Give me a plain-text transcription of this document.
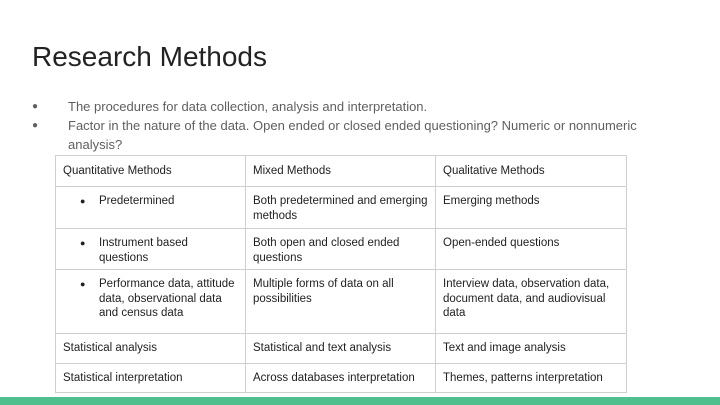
Research Methods
● The procedures for data collection, analysis and interpretation.
● Factor in the nature of the data. Open ended or closed ended questioning? Numeric or nonnumeric analysis?
Quantitative Methods	Mixed Methods	Qualitative Methods

● Predetermined	Both predetermined and emerging methods	Emerging methods

● Instrument based questions	Both open and closed ended questions	Open-ended questions

● Performance data, attitude data, observational data and census data	Multiple forms of data on all possibilities	Interview data, observation data, document data, and audiovisual data
Statistical analysis	Statistical and text analysis	Text and image analysis
Statistical interpretation	Across databases interpretation	Themes, patterns interpretation
